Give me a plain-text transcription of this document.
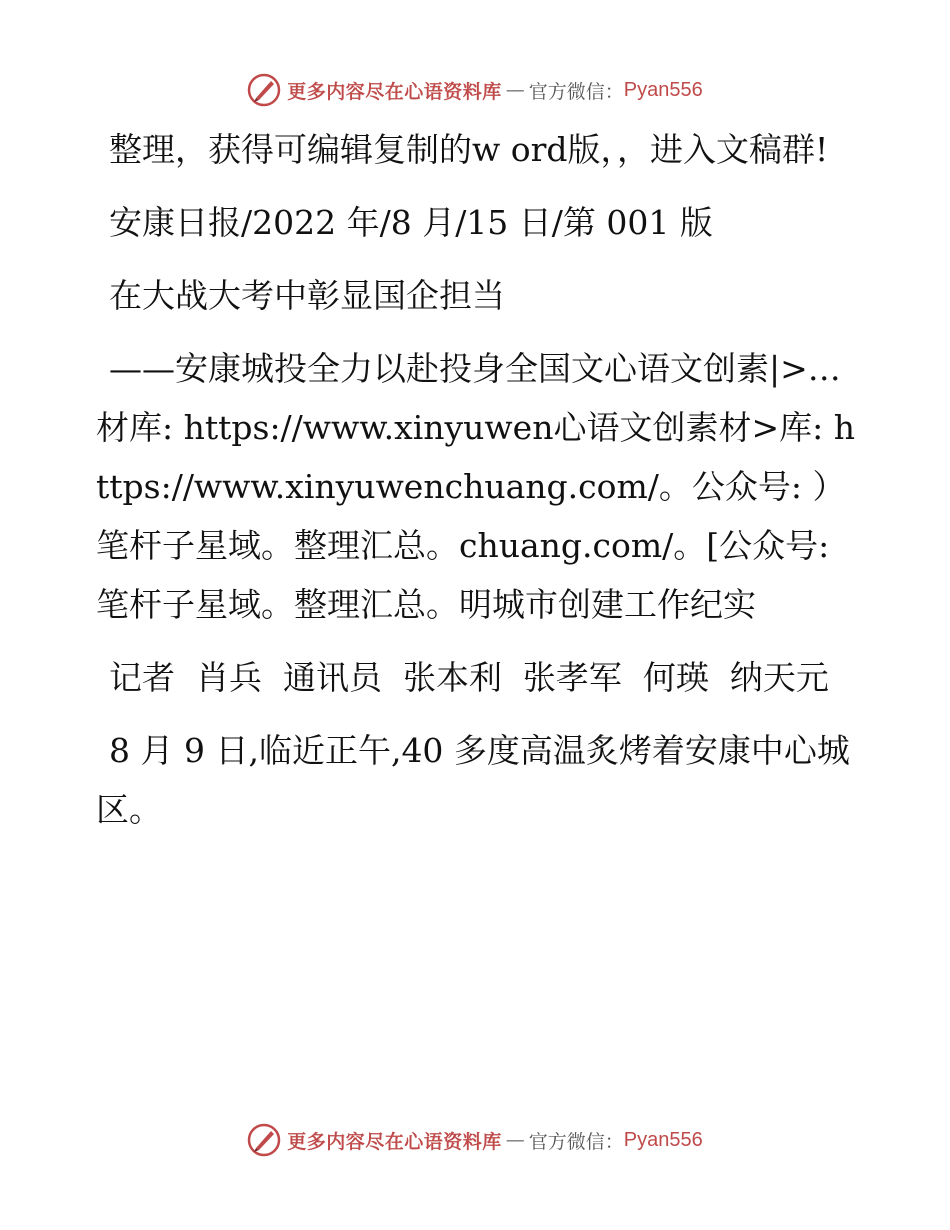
更多内容尽在心语资料库 — 官方微信： Pyan556

整理，获得可编辑复制的w ord版，，进入文稿群!

安康日报/2022 年/8 月/15 日/第 001 版

在大战大考中彰显国企担当

——安康城投全力以赴投身全国文心语文创素|>…材库: https://www.xinyuwen心语文创素材>库: https://www.xinyuwenchuang.com/。公众号: ）笔杆子星域。整理汇总。chuang.com/。[公众号: 笔杆子星域。整理汇总。明城市创建工作纪实

记者  肖兵  通讯员  张本利  张孝军  何瑛  纳天元

8 月 9 日,临近正午,40 多度高温炙烤着安康中心城区。

更多内容尽在心语资料库 — 官方微信： Pyan556
